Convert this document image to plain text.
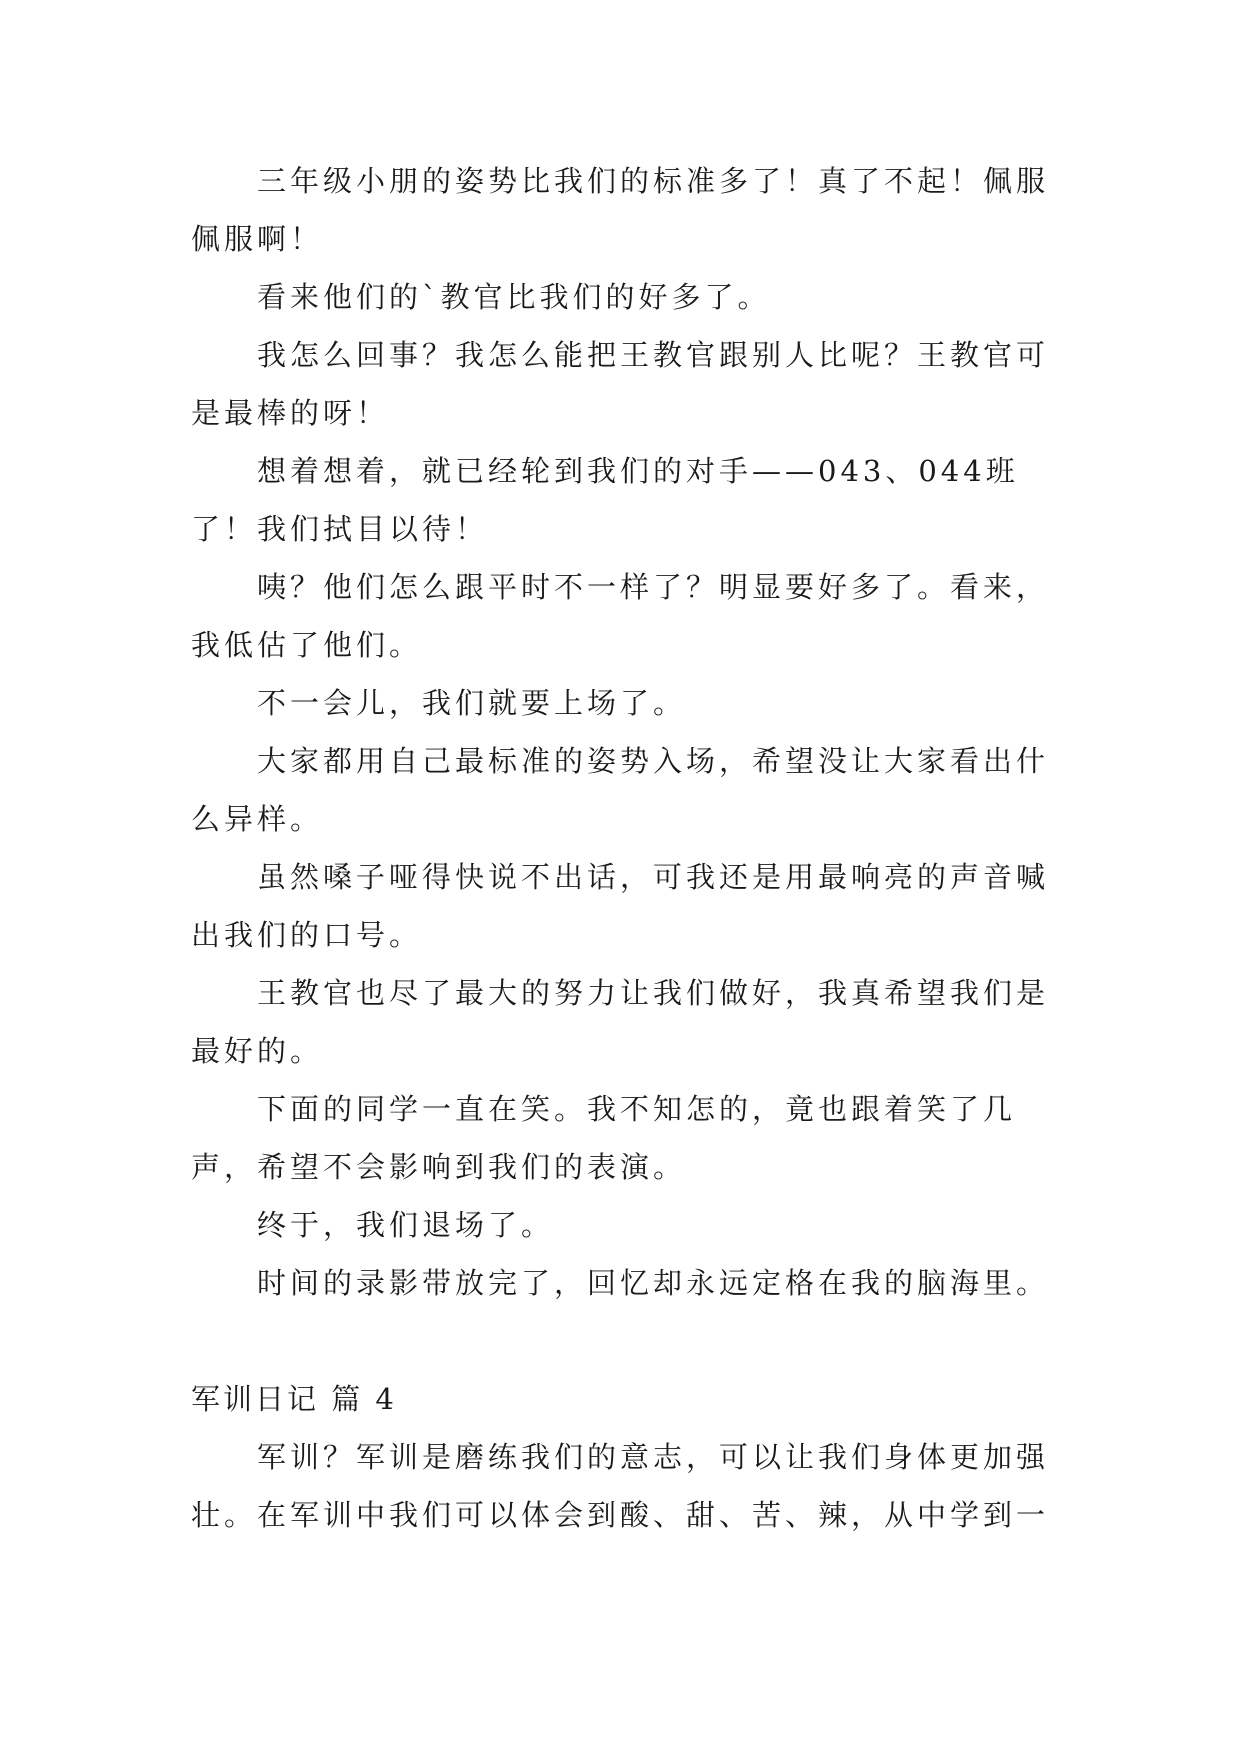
三年级小朋的姿势比我们的标准多了！真了不起！佩服佩服啊！

看来他们的`教官比我们的好多了。

我怎么回事？我怎么能把王教官跟别人比呢？王教官可是最棒的呀！

想着想着，就已经轮到我们的对手——043、044班了！我们拭目以待！

咦？他们怎么跟平时不一样了？明显要好多了。看来，我低估了他们。

不一会儿，我们就要上场了。

大家都用自己最标准的姿势入场，希望没让大家看出什么异样。

虽然嗓子哑得快说不出话，可我还是用最响亮的声音喊出我们的口号。

王教官也尽了最大的努力让我们做好，我真希望我们是最好的。

下面的同学一直在笑。我不知怎的，竟也跟着笑了几声，希望不会影响到我们的表演。

终于，我们退场了。

时间的录影带放完了，回忆却永远定格在我的脑海里。

军训日记 篇 4

军训？军训是磨练我们的意志，可以让我们身体更加强壮。在军训中我们可以体会到酸、甜、苦、辣，从中学到一
